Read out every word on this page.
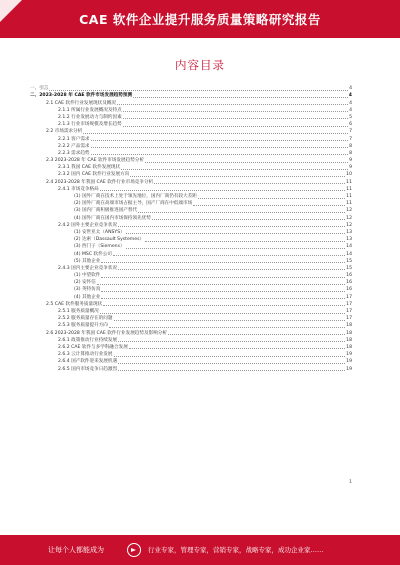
CAE 软件企业提升服务质量策略研究报告
内容目录
一、引言	4
二、2023-2028 年 CAE 软件市场发展趋势预测	4
2.1 CAE 软件行业发展现状及概况	4
2.1.1 所属行业发展概况及特点	4
2.1.2 行业发展动力与制约因素	5
2.1.3 行业市场规模及增长趋势	6
2.2 市场需求分析	7
2.2.1 客户需求	7
2.2.2 产品需求	8
2.2.3 需求趋势	8
2.3 2023-2028 年 CAE 软件市场发展趋势分析	9
2.3.1 我国 CAE 软件发展现状	9
2.3.2 国内 CAE 软件行业发展方向	10
2.4 2023-2028 年我国 CAE 软件行业市场竞争分析	11
2.4.1 市场竞争格局	11
(1) 国外厂商在技术上处于领先地位，国内厂商仍有较大差距	11
(2) 国外厂商在高端市场占据主导，国产厂商在中低端市场	11
(3) 国内厂商积极推进国产替代	12
(4) 国外厂商在国内市场保持领先优势	12
2.4.2 国外主要企业竞争状况	12
(1) 安世亚太（ANSYS）	13
(2) 达索（Dassault Systemes）	13
(3) 西门子（Siemens）	14
(4) MSC 软件公司	14
(5) 其他企业	15
2.4.3 国内主要企业竞争状况	15
(1) 中望软件	16
(2) 安怀信	16
(3) 英特仿真	16
(4) 其他企业	17
2.5 CAE 软件服务质量现状	17
2.5.1 服务质量概况	17
2.5.2 服务质量存在的问题	17
2.5.3 服务质量提升方向	18
2.6 2023-2028 年我国 CAE 软件行业发展趋势及影响分析	18
2.6.1 政策推动行业持续发展	18
2.6.2 CAE 软件与多学科融合发展	18
2.6.3 云计算推动行业发展	19
2.6.4 国产软件迎来发展机遇	19
2.6.5 国内市场竞争日趋激烈	19
1
让每个人都能成为	行业专家，管理专家，营销专家，战略专家，成功企业家……
